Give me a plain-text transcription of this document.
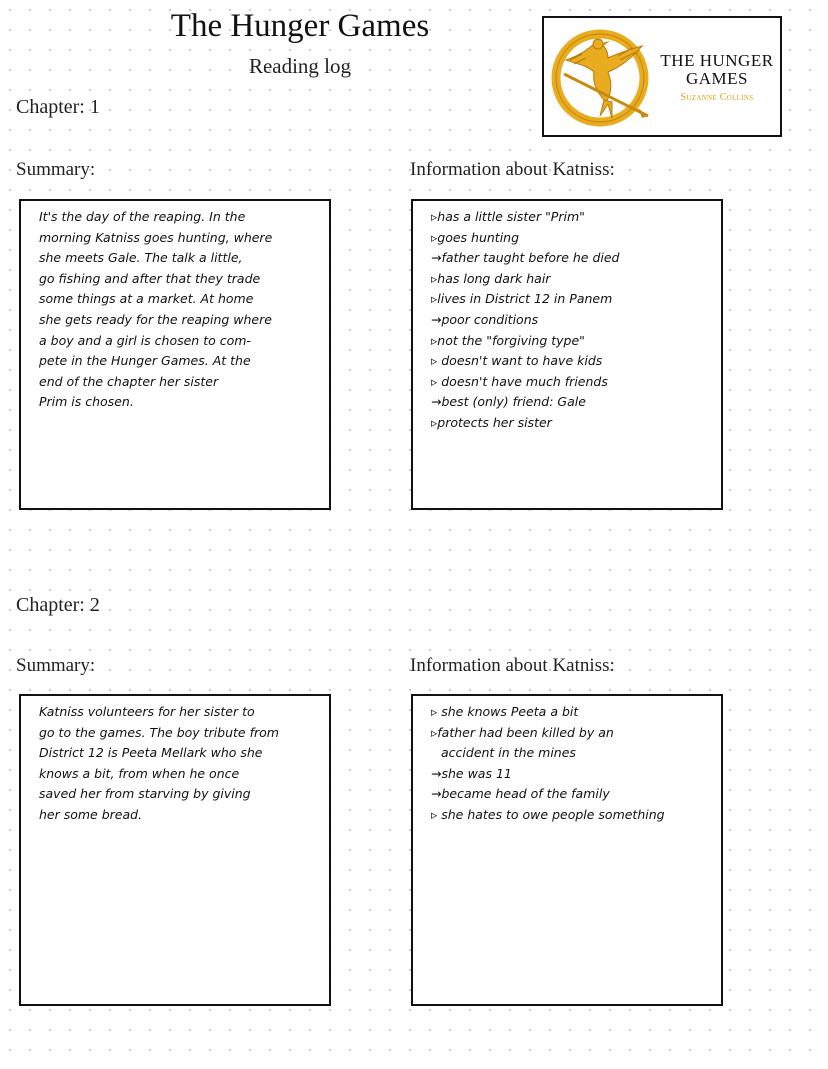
The Hunger Games
Reading log	THE HUNGER GAMES
Suzanne Collins
Chapter: 1
Summary:	Information about Katniss:

It's the day of the reaping. In the

morning Katniss goes hunting, where

she meets Gale. The talk a little,

go fishing and after that they trade

some things at a market. At home

she gets ready for the reaping where

a boy and a girl is chosen to com-

pete in the Hunger Games. At the

end of the chapter her sister

Prim is chosen.

▹has a little sister "Prim"
▹goes hunting
→father taught before he died
▹has long dark hair
▹lives in District 12 in Panem
→poor conditions
▹not the "forgiving type"
▹ doesn't want to have kids
▹ doesn't have much friends
→best (only) friend: Gale
▹protects her sister
Chapter: 2
Summary:	Information about Katniss:

Katniss volunteers for her sister to

go to the games. The boy tribute from

District 12 is Peeta Mellark who she

knows a bit, from when he once

saved her from starving by giving

her some bread.

▹ she knows Peeta a bit
▹father had been killed by an
accident in the mines
→she was 11
→became head of the family
▹ she hates to owe people something
